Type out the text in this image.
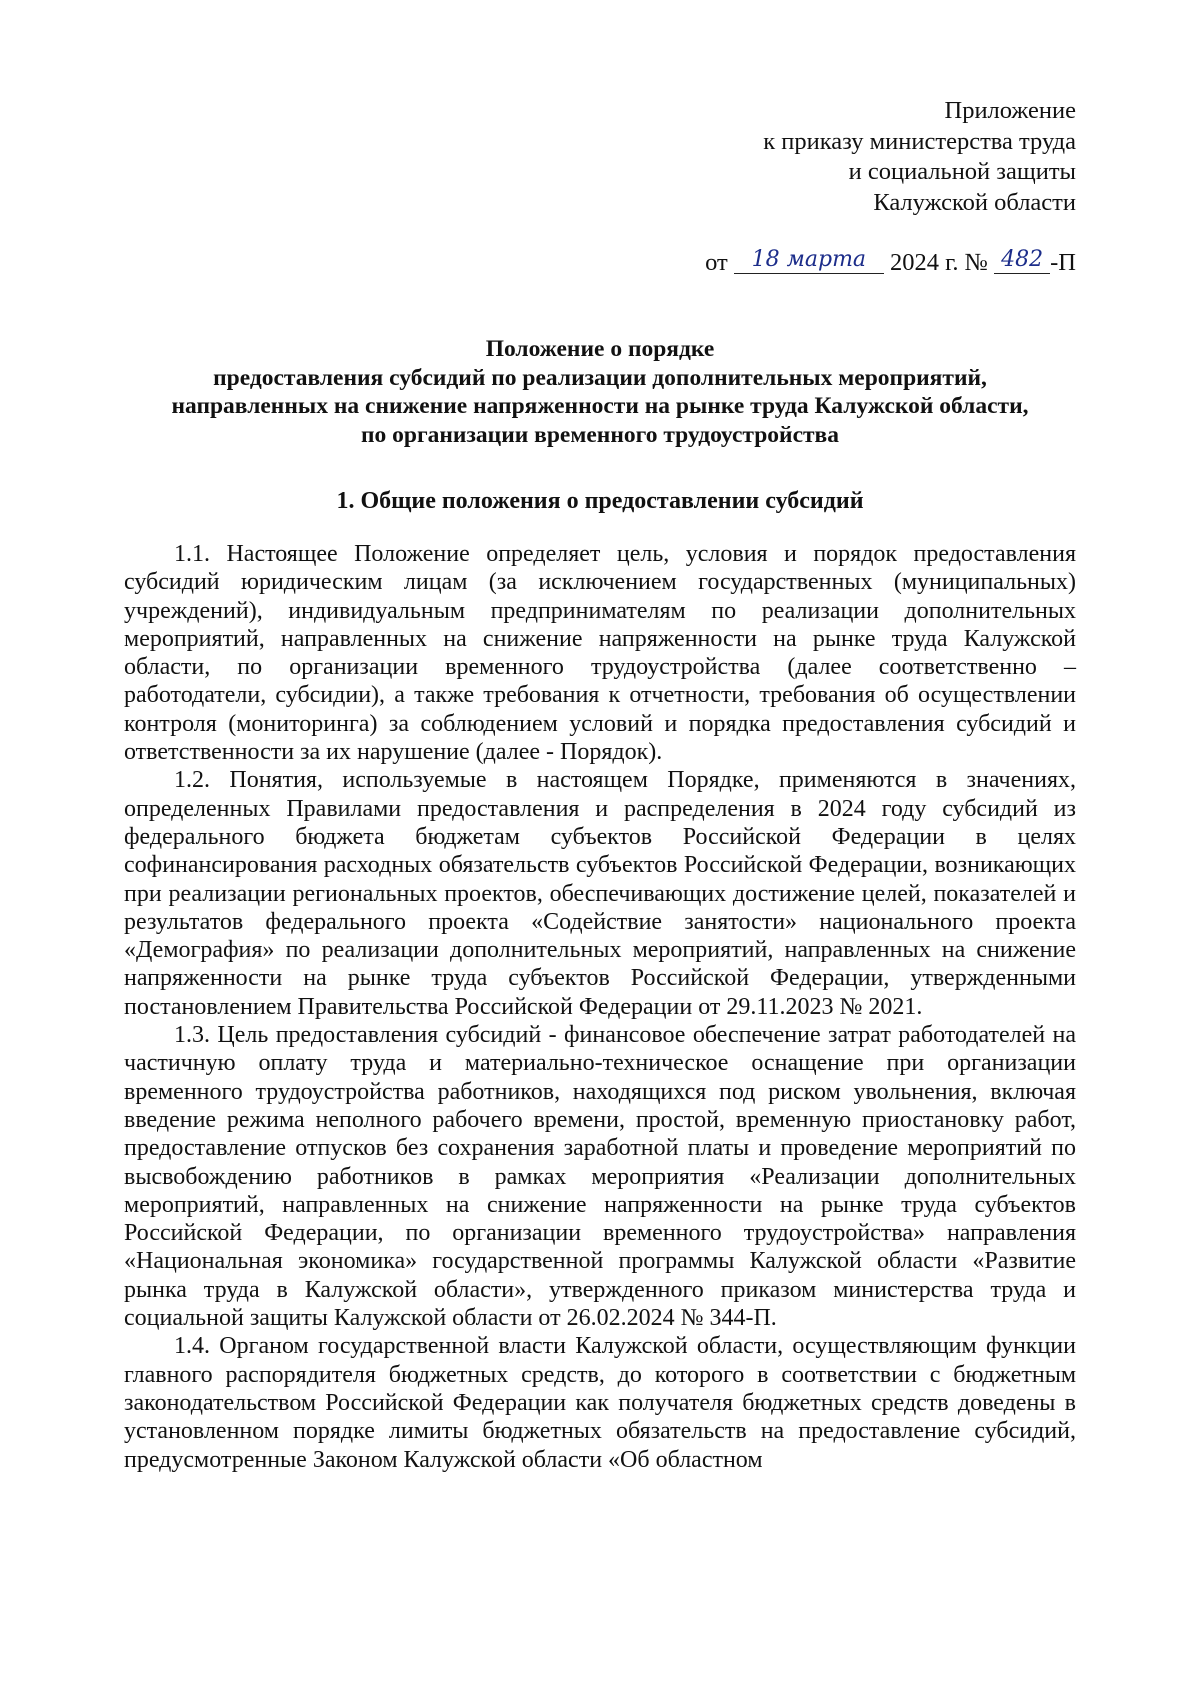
Приложение
к приказу министерства труда
и социальной защиты
Калужской области
от 18 марта 2024 г. № 482 -П
Положение о порядке
предоставления субсидий по реализации дополнительных мероприятий,
направленных на снижение напряженности на рынке труда Калужской области,
по организации временного трудоустройства
1. Общие положения о предоставлении субсидий

1.1. Настоящее Положение определяет цель, условия и порядок предоставления субсидий юридическим лицам (за исключением государственных (муниципальных) учреждений), индивидуальным предпринимателям по реализации дополнительных мероприятий, направленных на снижение напряженности на рынке труда Калужской области, по организации временного трудоустройства (далее соответственно – работодатели, субсидии), а также требования к отчетности, требования об осуществлении контроля (мониторинга) за соблюдением условий и порядка предоставления субсидий и ответственности за их нарушение (далее - Порядок).

1.2. Понятия, используемые в настоящем Порядке, применяются в значениях, определенных Правилами предоставления и распределения в 2024 году субсидий из федерального бюджета бюджетам субъектов Российской Федерации в целях софинансирования расходных обязательств субъектов Российской Федерации, возникающих при реализации региональных проектов, обеспечивающих достижение целей, показателей и результатов федерального проекта «Содействие занятости» национального проекта «Демография» по реализации дополнительных мероприятий, направленных на снижение напряженности на рынке труда субъектов Российской Федерации, утвержденными постановлением Правительства Российской Федерации от 29.11.2023 № 2021.

1.3. Цель предоставления субсидий - финансовое обеспечение затрат работодателей на частичную оплату труда и материально-техническое оснащение при организации временного трудоустройства работников, находящихся под риском увольнения, включая введение режима неполного рабочего времени, простой, временную приостановку работ, предоставление отпусков без сохранения заработной платы и проведение мероприятий по высвобождению работников в рамках мероприятия «Реализации дополнительных мероприятий, направленных на снижение напряженности на рынке труда субъектов Российской Федерации, по организации временного трудоустройства» направления «Национальная экономика» государственной программы Калужской области «Развитие рынка труда в Калужской области», утвержденного приказом министерства труда и социальной защиты Калужской области от 26.02.2024 № 344-П.

1.4. Органом государственной власти Калужской области, осуществляющим функции главного распорядителя бюджетных средств, до которого в соответствии с бюджетным законодательством Российской Федерации как получателя бюджетных средств доведены в установленном порядке лимиты бюджетных обязательств на предоставление субсидий, предусмотренные Законом Калужской области «Об областном
